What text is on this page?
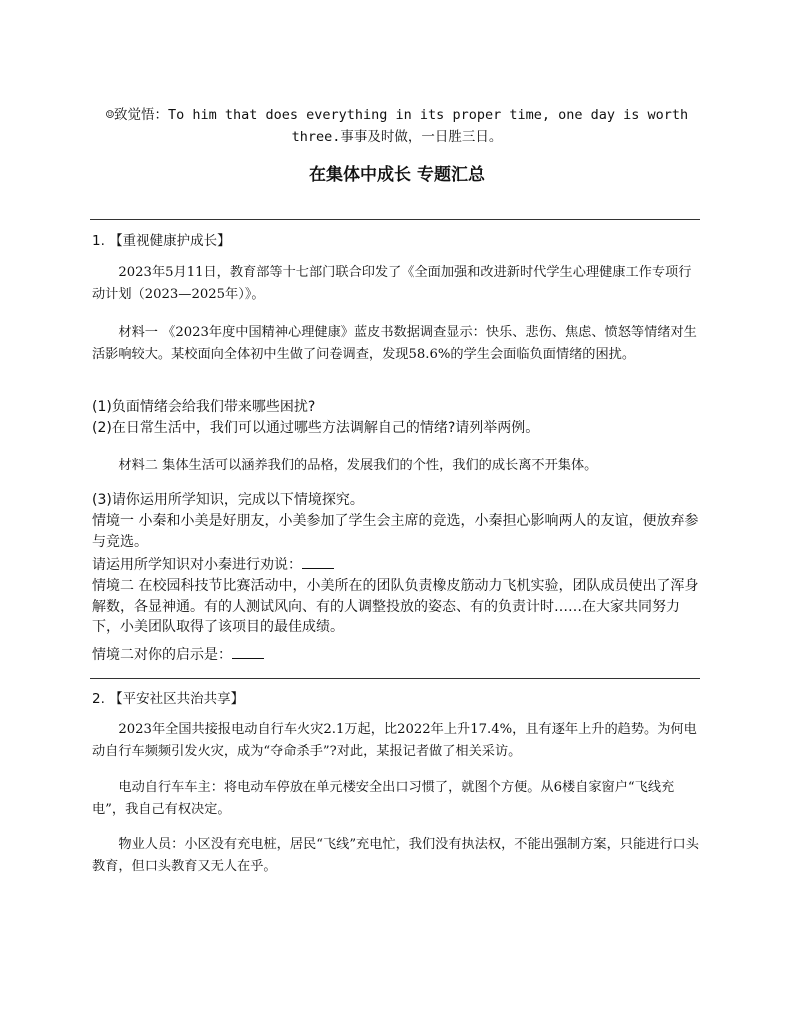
☺致觉悟：To him that does everything in its proper time, one day is worth
three.事事及时做，一日胜三日。
在集体中成长 专题汇总
1. 【重视健康护成长】

2023年5月11日，教育部等十七部门联合印发了《全面加强和改进新时代学生心理健康工作专项行动计划（2023—2025年）》。

材料一 《2023年度中国精神心理健康》蓝皮书数据调查显示：快乐、悲伤、焦虑、愤怒等情绪对生活影响较大。某校面向全体初中生做了问卷调查，发现58.6%的学生会面临负面情绪的困扰。

(1)负面情绪会给我们带来哪些困扰?

(2)在日常生活中，我们可以通过哪些方法调解自己的情绪?请列举两例。

材料二 集体生活可以涵养我们的品格，发展我们的个性，我们的成长离不开集体。

(3)请你运用所学知识，完成以下情境探究。

情境一 小秦和小美是好朋友，小美参加了学生会主席的竞选，小秦担心影响两人的友谊，便放弃参与竞选。

请运用所学知识对小秦进行劝说：

情境二 在校园科技节比赛活动中，小美所在的团队负责橡皮筋动力飞机实验，团队成员使出了浑身解数，各显神通。有的人测试风向、有的人调整投放的姿态、有的负责计时……在大家共同努力下，小美团队取得了该项目的最佳成绩。

情境二对你的启示是：

2. 【平安社区共治共享】

2023年全国共接报电动自行车火灾2.1万起，比2022年上升17.4%，且有逐年上升的趋势。为何电动自行车频频引发火灾，成为“夺命杀手”?对此，某报记者做了相关采访。

电动自行车车主：将电动车停放在单元楼安全出口习惯了，就图个方便。从6楼自家窗户“飞线充电”，我自己有权决定。

物业人员：小区没有充电桩，居民“飞线”充电忙，我们没有执法权，不能出强制方案，只能进行口头教育，但口头教育又无人在乎。
